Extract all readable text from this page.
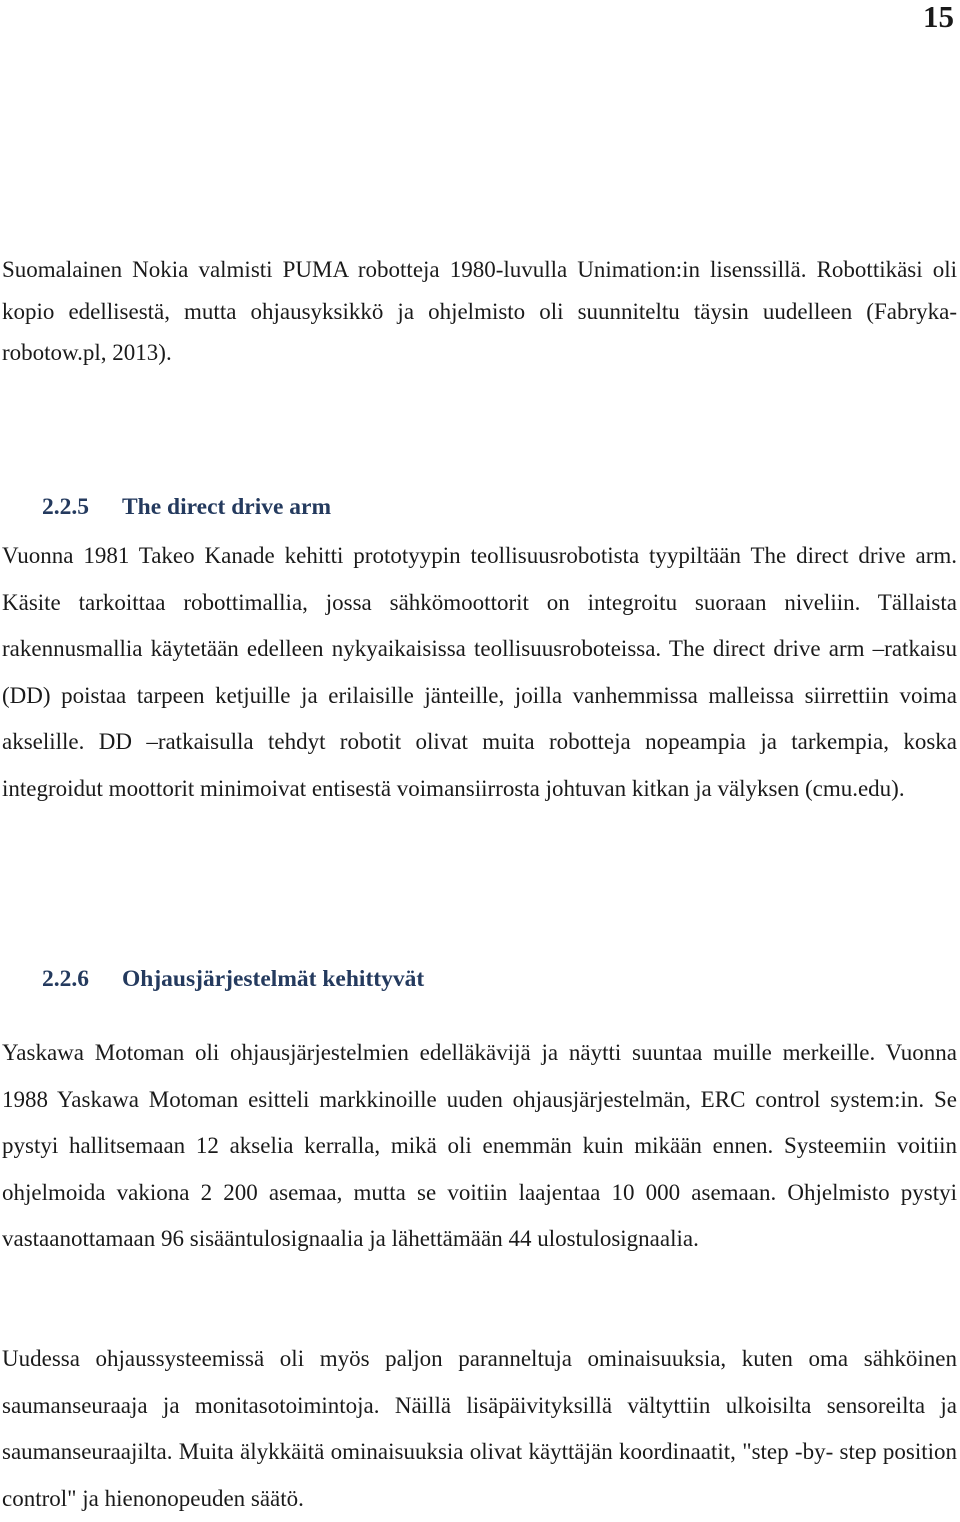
15

Suomalainen Nokia valmisti PUMA robotteja 1980-luvulla Unimation:in lisenssillä. Robottikäsi oli kopio edellisestä, mutta ohjausyksikkö ja ohjelmisto oli suunniteltu täysin uudelleen (Fabryka-robotow.pl, 2013).

2.2.5 The direct drive arm

Vuonna 1981 Takeo Kanade kehitti prototyypin teollisuusrobotista tyypiltään The direct drive arm. Käsite tarkoittaa robottimallia, jossa sähkömoottorit on integroitu suoraan niveliin. Tällaista rakennusmallia käytetään edelleen nykyaikaisissa teollisuusroboteissa. The direct drive arm –ratkaisu (DD) poistaa tarpeen ketjuille ja erilaisille jänteille, joilla vanhemmissa malleissa siirrettiin voima akselille. DD –ratkaisulla tehdyt robotit olivat muita robotteja nopeampia ja tarkempia, koska integroidut moottorit minimoivat entisestä voimansiirrosta johtuvan kitkan ja välyksen (cmu.edu).

2.2.6 Ohjausjärjestelmät kehittyvät

Yaskawa Motoman oli ohjausjärjestelmien edelläkävijä ja näytti suuntaa muille merkeille. Vuonna 1988 Yaskawa Motoman esitteli markkinoille uuden ohjausjärjestelmän, ERC control system:in. Se pystyi hallitsemaan 12 akselia kerralla, mikä oli enemmän kuin mikään ennen. Systeemiin voitiin ohjelmoida vakiona 2 200 asemaa, mutta se voitiin laajentaa 10 000 asemaan. Ohjelmisto pystyi vastaanottamaan 96 sisääntulosignaalia ja lähettämään 44 ulostulosignaalia.

Uudessa ohjaussysteemissä oli myös paljon paranneltuja ominaisuuksia, kuten oma sähköinen saumanseuraaja ja monitasotoimintoja. Näillä lisäpäivityksillä vältyttiin ulkoisilta sensoreilta ja saumanseuraajilta. Muita älykkäitä ominaisuuksia olivat käyttäjän koordinaatit, "step -by- step position control" ja hienonopeuden säätö.
